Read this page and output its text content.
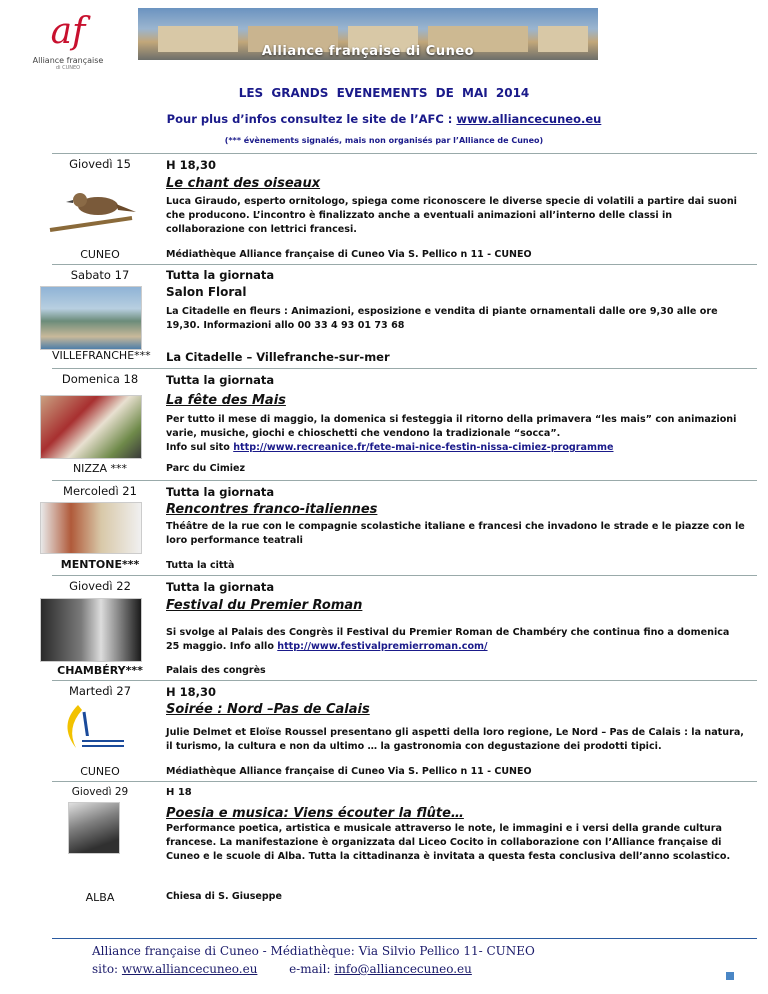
af
Alliance française
di CUNEO
Alliance française di Cuneo
LES GRANDS EVENEMENTS DE MAI 2014
Pour plus d’infos consultez le site de l’AFC : www.alliancecuneo.eu
(*** évènements signalés, mais non organisés par l’Alliance de Cuneo)
Giovedì 15	H 18,30
Le chant des oiseaux
Luca Giraudo, esperto ornitologo, spiega come riconoscere le diverse specie di volatili a partire dai suoni che producono. L’incontro è finalizzato anche a eventuali animazioni all’interno delle classi in collaborazione con lettrici francesi.
CUNEO	Médiathèque Alliance française di Cuneo Via S. Pellico n 11 - CUNEO
Sabato 17	Tutta la giornata
Salon Floral
La Citadelle en fleurs : Animazioni, esposizione e vendita di piante ornamentali dalle ore 9,30 alle ore 19,30. Informazioni allo 00 33 4 93 01 73 68
VILLEFRANCHE*** La Citadelle – Villefranche-sur-mer
Domenica 18	Tutta la giornata
La fête des Mais
Per tutto il mese di maggio, la domenica si festeggia il ritorno della primavera “les mais” con animazioni varie, musiche, giochi e chioschetti che vendono la tradizionale “socca”.
Info sul sito http://www.recreanice.fr/fete-mai-nice-festin-nissa-cimiez-programme
NIZZA ***	Parc du Cimiez
Mercoledì 21	Tutta la giornata
Rencontres franco-italiennes
Théâtre de la rue con le compagnie scolastiche italiane e francesi che invadono le strade e le piazze con le loro performance teatrali
MENTONE***	Tutta la città
Giovedì 22	Tutta la giornata
Festival du Premier Roman
Si svolge al Palais des Congrès il Festival du Premier Roman de Chambéry che continua fino a domenica 25 maggio. Info allo http://www.festivalpremierroman.com/
CHAMBÉRY***	Palais des congrès
Martedì 27	H 18,30
Soirée : Nord –Pas de Calais
Julie Delmet et Eloïse Roussel presentano gli aspetti della loro regione, Le Nord – Pas de Calais : la natura, il turismo, la cultura e non da ultimo … la gastronomia con degustazione dei prodotti tipici.
CUNEO	Médiathèque Alliance française di Cuneo Via S. Pellico n 11 - CUNEO
Giovedì 29	H 18
Poesia e musica: Viens écouter la flûte…
Performance poetica, artistica e musicale attraverso le note, le immagini e i versi della grande cultura francese. La manifestazione è organizzata dal Liceo Cocito in collaborazione con l’Alliance française di Cuneo e le scuole di Alba. Tutta la cittadinanza è invitata a questa festa conclusiva dell’anno scolastico.
ALBA	Chiesa di S. Giuseppe
Alliance française di Cuneo - Médiathèque: Via Silvio Pellico 11- CUNEO
sito: www.alliancecuneo.eu	e-mail: info@alliancecuneo.eu
